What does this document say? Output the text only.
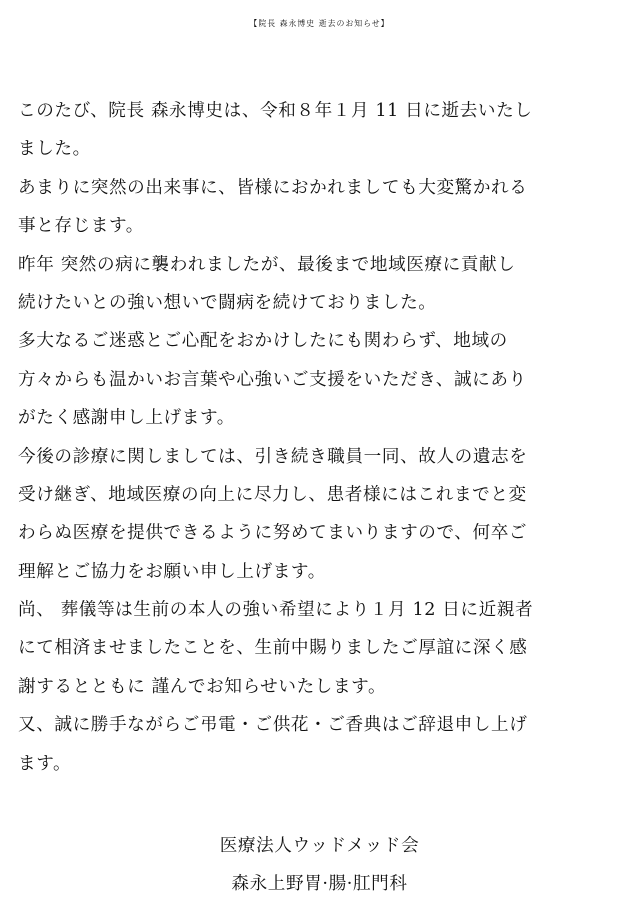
【院長 森永博史 逝去のお知らせ】
このたび、院長 森永博史は、令和８年１月 11 日に逝去いたし
ました。
あまりに突然の出来事に、皆様におかれましても大変驚かれる
事と存じます。
昨年 突然の病に襲われましたが、最後まで地域医療に貢献し
続けたいとの強い想いで闘病を続けておりました。
多大なるご迷惑とご心配をおかけしたにも関わらず、地域の
方々からも温かいお言葉や心強いご支援をいただき、誠にあり
がたく感謝申し上げます。
今後の診療に関しましては、引き続き職員一同、故人の遺志を
受け継ぎ、地域医療の向上に尽力し、患者様にはこれまでと変
わらぬ医療を提供できるように努めてまいりますので、何卒ご
理解とご協力をお願い申し上げます。
尚、 葬儀等は生前の本人の強い希望により１月 12 日に近親者
にて相済ませましたことを、生前中賜りましたご厚誼に深く感
謝するとともに 謹んでお知らせいたします。
又、誠に勝手ながらご弔電・ご供花・ご香典はご辞退申し上げ
ます。
医療法人ウッドメッド会
森永上野胃·腸·肛門科
